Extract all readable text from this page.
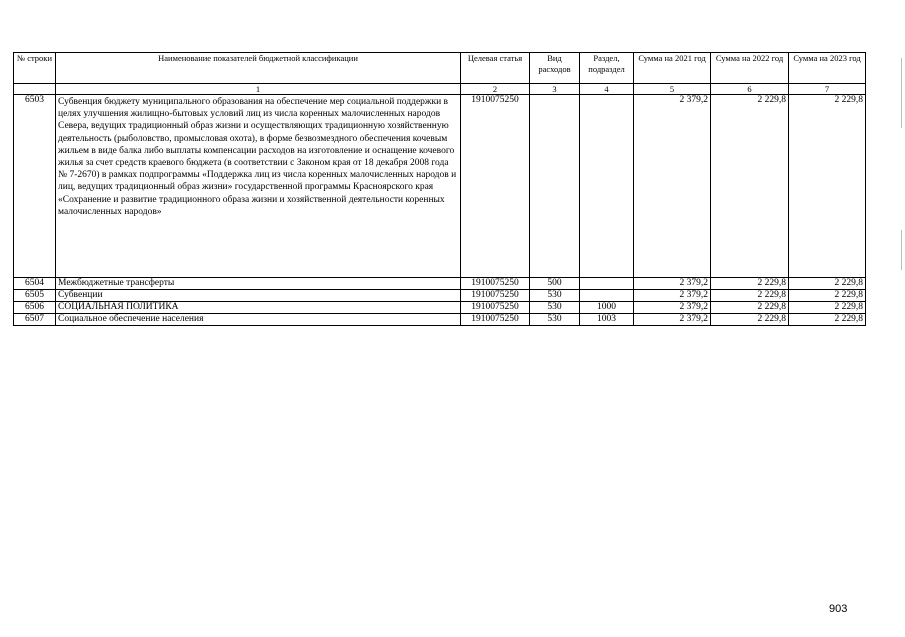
№ строки	Наименование показателей бюджетной классификации	Целевая статья	Вид расходов	Раздел, подраздел	Сумма на 2021 год	Сумма на 2022 год	Сумма на 2023 год
	1	2	3	4	5	6	7
6503	Субвенция бюджету муниципального образования на обеспечение мер социальной поддержки в целях улучшения жилищно-бытовых условий лиц из числа коренных малочисленных народов Севера, ведущих традиционный образ жизни и осуществляющих традиционную хозяйственную деятельность (рыболовство, промысловая охота), в форме безвозмездного обеспечения кочевым жильем в виде балка либо выплаты компенсации расходов на изготовление и оснащение кочевого жилья за счет средств краевого бюджета (в соответствии с Законом края от 18 декабря 2008 года № 7-2670) в рамках подпрограммы «Поддержка лиц из числа коренных малочисленных народов и лиц, ведущих традиционный образ жизни» государственной программы Красноярского края «Сохранение и развитие традиционного образа жизни и хозяйственной деятельности коренных малочисленных народов»	1910075250			2 379,2	2 229,8	2 229,8
6504	Межбюджетные трансферты	1910075250	500		2 379,2	2 229,8	2 229,8
6505	Субвенции	1910075250	530		2 379,2	2 229,8	2 229,8
6506	СОЦИАЛЬНАЯ ПОЛИТИКА	1910075250	530	1000	2 379,2	2 229,8	2 229,8
6507	Социальное обеспечение населения	1910075250	530	1003	2 379,2	2 229,8	2 229,8
903
